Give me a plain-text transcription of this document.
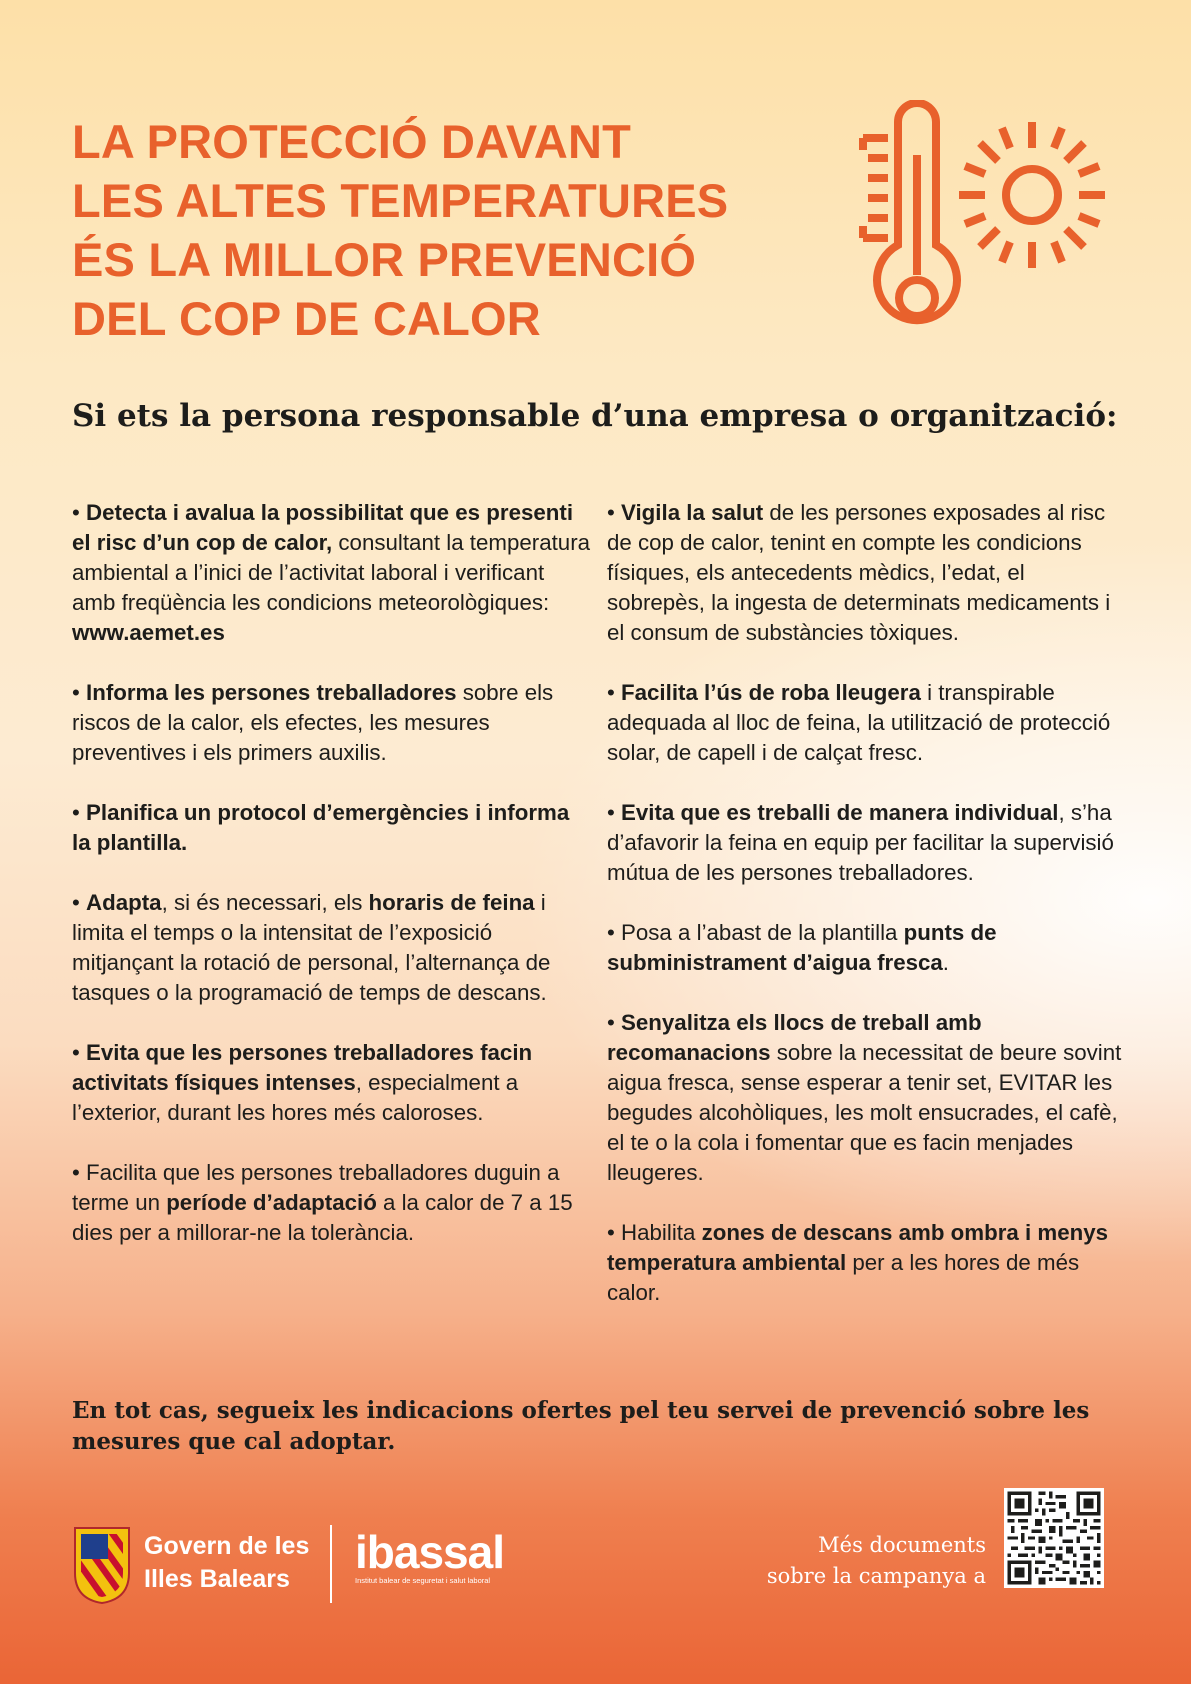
LA PROTECCIÓ DAVANT
LES ALTES TEMPERATURES
ÉS LA MILLOR PREVENCIÓ
DEL COP DE CALOR
Si ets la persona responsable d’una empresa o organització:

• Detecta i avalua la possibilitat que es presenti el risc d’un cop de calor, consultant la temperatura ambiental a l’inici de l’activitat laboral i verificant amb freqüència les condicions meteorològiques: www.aemet.es

• Informa les persones treballadores sobre els riscos de la calor, els efectes, les mesures preventives i els primers auxilis.

• Planifica un protocol d’emergències i informa la plantilla.

• Adapta, si és necessari, els horaris de feina i limita el temps o la intensitat de l’exposició mitjançant la rotació de personal, l’alternança de tasques o la programació de temps de descans.

• Evita que les persones treballadores facin activitats físiques intenses, especialment a l’exterior, durant les hores més caloroses.

• Facilita que les persones treballadores duguin a terme un període d’adaptació a la calor de 7 a 15 dies per a millorar-ne la tolerància.

• Vigila la salut de les persones exposades al risc de cop de calor, tenint en compte les condicions físiques, els antecedents mèdics, l’edat, el sobrepès, la ingesta de determinats medicaments i el consum de substàncies tòxiques.

• Facilita l’ús de roba lleugera i transpirable adequada al lloc de feina, la utilització de protecció solar, de capell i de calçat fresc.

• Evita que es treballi de manera individual, s’ha d’afavorir la feina en equip per facilitar la supervisió mútua de les persones treballadores.

• Posa a l’abast de la plantilla punts de subministrament d’aigua fresca.

• Senyalitza els llocs de treball amb recomanacions sobre la necessitat de beure sovint aigua fresca, sense esperar a tenir set, EVITAR les begudes alcohòliques, les molt ensucrades, el cafè, el te o la cola i fomentar que es facin menjades lleugeres.

• Habilita zones de descans amb ombra i menys temperatura ambiental per a les hores de més calor.

En tot cas, segueix les indicacions ofertes pel teu servei de prevenció sobre les mesures que cal adoptar.
Govern de les
Illes Balears
ibassal
Institut balear de seguretat i salut laboral
Més documents
sobre la campanya a
